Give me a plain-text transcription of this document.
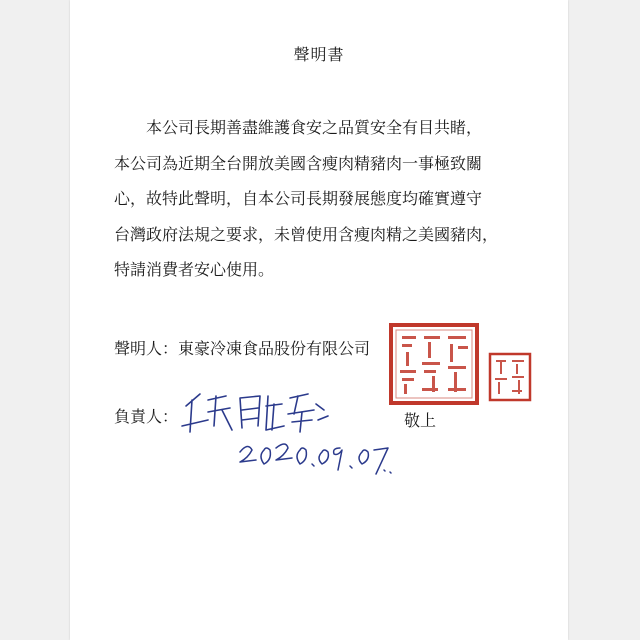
聲明書
本公司長期善盡維護食安之品質安全有目共睹，
本公司為近期全台開放美國含瘦肉精豬肉一事極致關
心，故特此聲明，自本公司長期發展態度均確實遵守
台灣政府法規之要求，未曾使用含瘦肉精之美國豬肉，
特請消費者安心使用。
聲明人：東豪冷凍食品股份有限公司
負責人：	敬上
